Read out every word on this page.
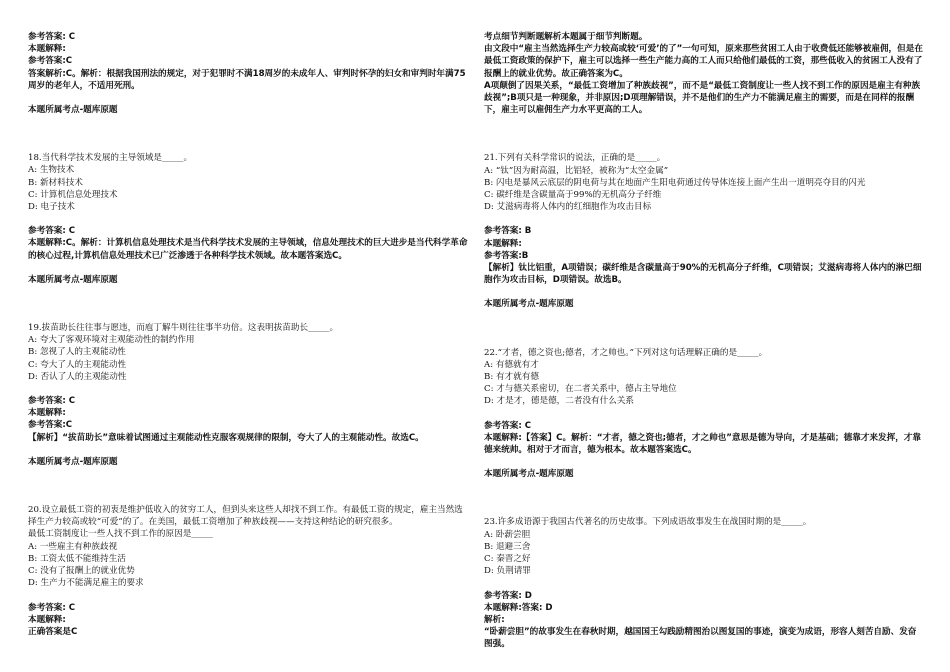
参考答案: C

本题解释:

参考答案:C

答案解析:C。解析：根据我国刑法的规定，对于犯罪时不满18周岁的未成年人、审判时怀孕的妇女和审判时年满75周岁的老年人，不适用死刑。

本题所属考点-题库原题

18.当代科学技术发展的主导领域是_____。

A: 生物技术

B: 新材料技术

C: 计算机信息处理技术

D: 电子技术

参考答案: C

本题解释:C。解析：计算机信息处理技术是当代科学技术发展的主导领域，信息处理技术的巨大进步是当代科学革命的核心过程,计算机信息处理技术已广泛渗透于各种科学技术领域。故本题答案选C。

本题所属考点-题库原题

19.拔苗助长往往事与愿违，而庖丁解牛则往往事半功倍。这表明拔苗助长_____。

A: 夸大了客观环境对主观能动性的制约作用

B: 忽视了人的主观能动性

C: 夸大了人的主观能动性

D: 否认了人的主观能动性

参考答案: C

本题解释:

参考答案:C

【解析】“拔苗助长”意味着试图通过主观能动性克服客观规律的限制，夸大了人的主观能动性。故选C。

本题所属考点-题库原题

20.设立最低工资的初衷是维护低收入的贫穷工人，但到头来这些人却找不到工作。有最低工资的规定，雇主当然选择生产力较高或较“可爱”的了。在美国，最低工资增加了种族歧视——支持这种结论的研究很多。

最低工资制度让一些人找不到工作的原因是_____

A: 一些雇主有种族歧视

B: 工资太低不能维持生活

C: 没有了报酬上的就业优势

D: 生产力不能满足雇主的要求

参考答案: C

本题解释:

正确答案是C

考点细节判断题解析本题属于细节判断题。

由文段中“雇主当然选择生产力较高或较‘可爱’的了”一句可知，原来那些贫困工人由于收费低还能够被雇佣，但是在最低工资政策的保护下，雇主可以选择一些生产能力高的工人而只给他们最低的工资，那些低收入的贫困工人没有了报酬上的就业优势。故正确答案为C。

A项颠倒了因果关系，“最低工资增加了种族歧视”，而不是“最低工资制度让一些人找不到工作的原因是雇主有种族歧视”;B项只是一种现象，并非原因;D项理解错误，并不是他们的生产力不能满足雇主的需要，而是在同样的报酬下，雇主可以雇佣生产力水平更高的工人。

21.下列有关科学常识的说法，正确的是_____。

A: “钛”因为耐高温，比铝轻，被称为“太空金属”

B: 闪电是暴风云底层的阴电荷与其在地面产生阳电荷通过传导体连接上面产生出一道明亮夺目的闪光

C: 碳纤维是含碳量高于99%的无机高分子纤维

D: 艾滋病毒将人体内的红细胞作为攻击目标

参考答案: B

本题解释:

参考答案:B

【解析】钛比铝重，A项错误；碳纤维是含碳量高于90%的无机高分子纤维，C项错误；艾滋病毒将人体内的淋巴细胞作为攻击目标，D项错误。故选B。

本题所属考点-题库原题

22.“才者，德之资也;德者，才之帅也。”下列对这句话理解正确的是_____。

A: 有德就有才

B: 有才就有德

C: 才与德关系密切，在二者关系中，德占主导地位

D: 才是才，德是德，二者没有什么关系

参考答案: C

本题解释:【答案】C。解析：“才者，德之资也;德者，才之帅也”意思是德为导向，才是基础；德靠才来发挥，才靠德来统帅。相对于才而言，德为根本。故本题答案选C。

本题所属考点-题库原题

23.许多成语源于我国古代著名的历史故事。下列成语故事发生在战国时期的是_____。

A: 卧薪尝胆

B: 退避三舍

C: 秦晋之好

D: 负荆请罪

参考答案: D

本题解释:答案: D

解析:

“卧薪尝胆”的故事发生在春秋时期，越国国王勾践励精图治以图复国的事迹，演变为成语，形容人刻苦自励、发奋图强。
